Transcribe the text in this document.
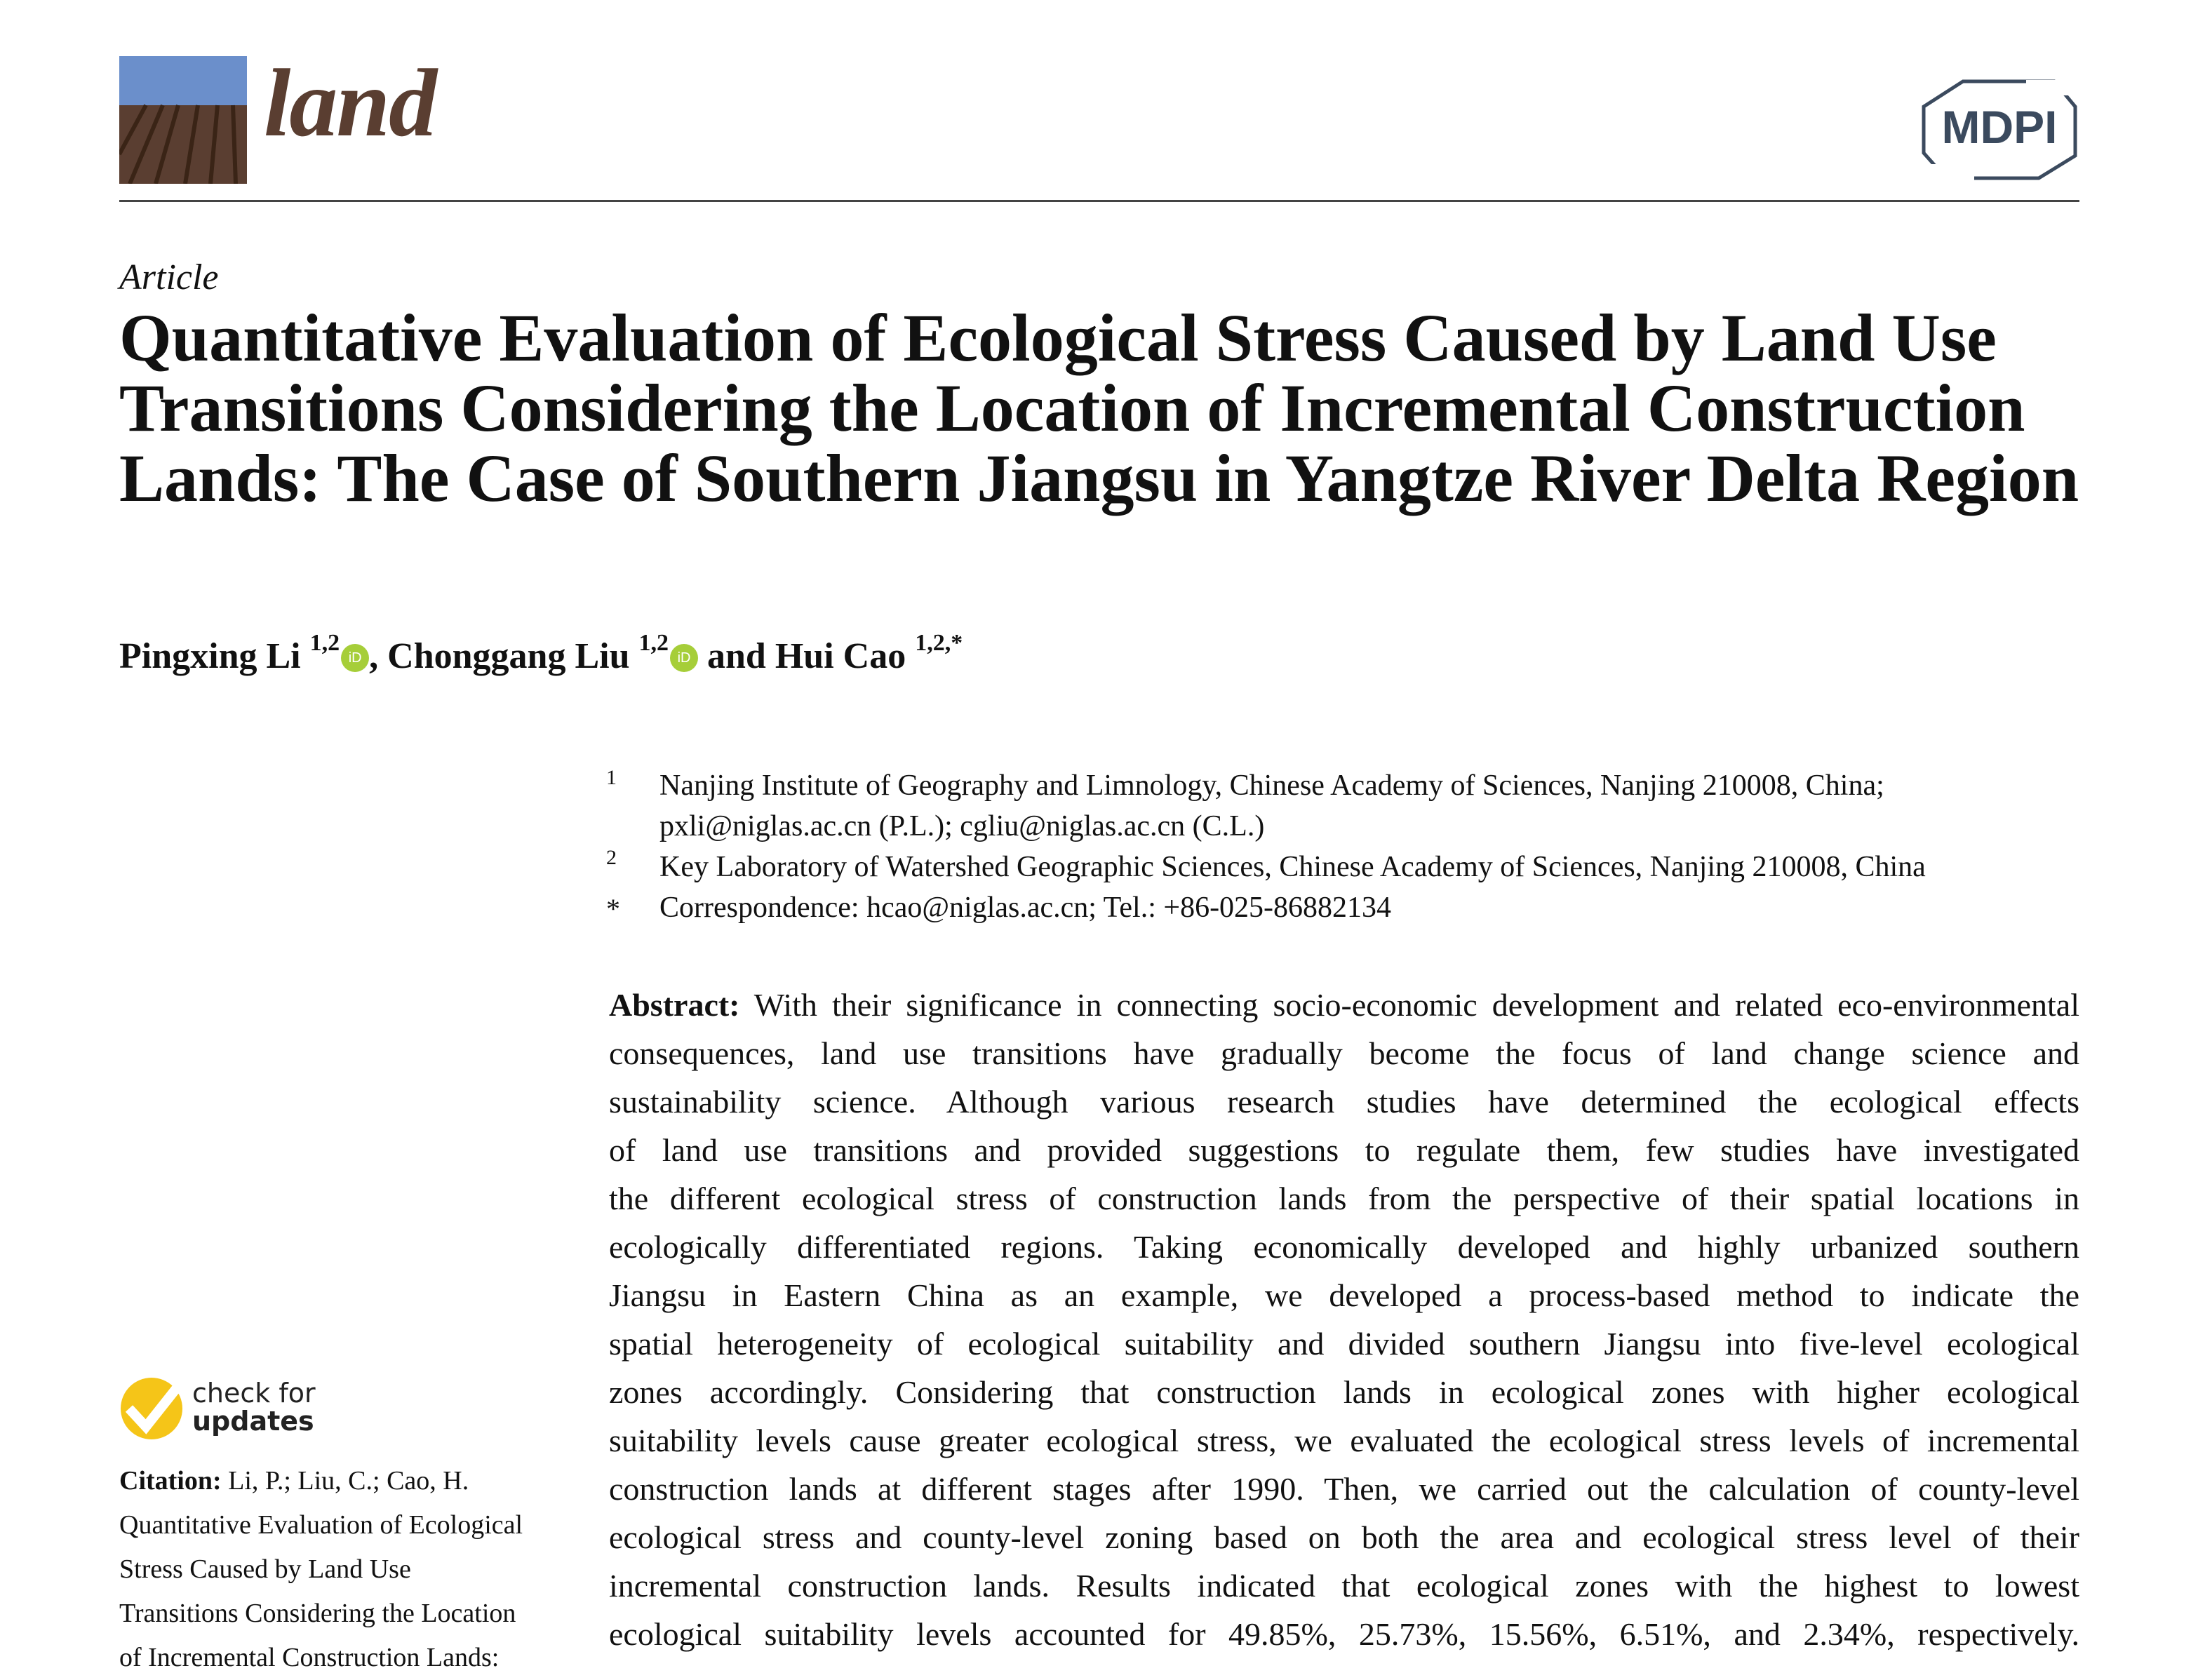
land	MDPI
Article
Quantitative Evaluation of Ecological Stress Caused by Land Use Transitions Considering the Location of Incremental Construction Lands: The Case of Southern Jiangsu in Yangtze River Delta Region
Pingxing Li $^{1,2}$iD , Chonggang Liu $^{1,2}$iD and Hui Cao $^{1,2,*}$
1 Nanjing Institute of Geography and Limnology, Chinese Academy of Sciences, Nanjing 210008, China;
pxli@niglas.ac.cn (P.L.); cgliu@niglas.ac.cn (C.L.)
2 Key Laboratory of Watershed Geographic Sciences, Chinese Academy of Sciences, Nanjing 210008, China
* Correspondence: hcao@niglas.ac.cn; Tel.: +86-025-86882134
Abstract: With their significance in connecting socio-economic development and related eco-environmental
consequences, land use transitions have gradually become the focus of land change science and
sustainability science. Although various research studies have determined the ecological effects
of land use transitions and provided suggestions to regulate them, few studies have investigated
the different ecological stress of construction lands from the perspective of their spatial locations in
ecologically differentiated regions. Taking economically developed and highly urbanized southern
Jiangsu in Eastern China as an example, we developed a process-based method to indicate the
spatial heterogeneity of ecological suitability and divided southern Jiangsu into five-level ecological
zones accordingly. Considering that construction lands in ecological zones with higher ecological
suitability levels cause greater ecological stress, we evaluated the ecological stress levels of incremental
construction lands at different stages after 1990. Then, we carried out the calculation of county-level
ecological stress and county-level zoning based on both the area and ecological stress level of their
incremental construction lands. Results indicated that ecological zones with the highest to lowest
ecological suitability levels accounted for 49.85%, 25.73%, 15.56%, 6.51%, and 2.34%, respectively.
check for
updates
Citation: Li, P.; Liu, C.; Cao, H.
Quantitative Evaluation of Ecological
Stress Caused by Land Use
Transitions Considering the Location
of Incremental Construction Lands:
